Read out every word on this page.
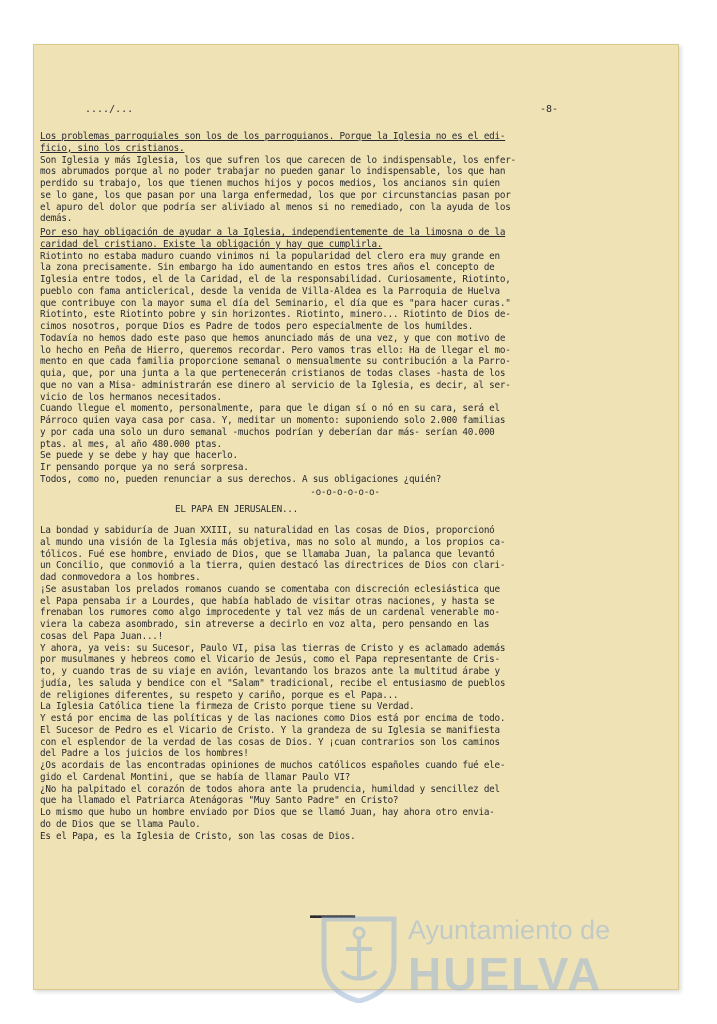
..../...	-8-
Los problemas parroquiales son los de los parroquianos. Porque la Iglesia no es el edi-
ficio, sino los cristianos.
Son Iglesia y más Iglesia, los que sufren los que carecen de lo indispensable, los enfer-
mos abrumados porque al no poder trabajar no pueden ganar lo indispensable, los que han
perdido su trabajo, los que tienen muchos hijos y pocos medios, los ancianos sin quien
se lo gane, los que pasan por una larga enfermedad, los que por circunstancias pasan por
el apuro del dolor que podría ser aliviado al menos si no remediado, con la ayuda de los
demás.
Por eso hay obligación de ayudar a la Iglesia, independientemente de la limosna o de la
caridad del cristiano. Existe la obligación y hay que cumplirla.
Riotinto no estaba maduro cuando vinimos ni la popularidad del clero era muy grande en
la zona precisamente. Sin embargo ha ido aumentando en estos tres años el concepto de
Iglesia entre todos, el de la Caridad, el de la responsabilidad. Curiosamente, Riotinto,
pueblo con fama anticlerical, desde la venida de Villa-Aldea es la Parroquia de Huelva
que contribuye con la mayor suma el día del Seminario, el día que es "para hacer curas."
Riotinto, este Riotinto pobre y sin horizontes. Riotinto, minero... Riotinto de Dios de-
cimos nosotros, porque Dios es Padre de todos pero especialmente de los humildes.
Todavía no hemos dado este paso que hemos anunciado más de una vez, y que con motivo de
lo hecho en Peña de Hierro, queremos recordar. Pero vamos tras ello: Ha de llegar el mo-
mento en que cada familia proporcione semanal o mensualmente su contribución a la Parro-
quia, que, por una junta a la que pertenecerán cristianos de todas clases -hasta de los
que no van a Misa- administrarán ese dinero al servicio de la Iglesia, es decir, al ser-
vicio de los hermanos necesitados.
Cuando llegue el momento, personalmente, para que le digan sí o nó en su cara, será el
Párroco quien vaya casa por casa. Y, meditar un momento: suponiendo solo 2.000 familias
y por cada una solo un duro semanal -muchos podrían y deberían dar más- serían 40.000
ptas. al mes, al año 480.000 ptas.
Se puede y se debe y hay que hacerlo.
Ir pensando porque ya no será sorpresa.
Todos, como no, pueden renunciar a sus derechos. A sus obligaciones ¿quién?
-o-o-o-o-o-o-
EL PAPA EN JERUSALEN...
La bondad y sabiduría de Juan XXIII, su naturalidad en las cosas de Dios, proporcionó
al mundo una visión de la Iglesia más objetiva, mas no solo al mundo, a los propios ca-
tólicos. Fué ese hombre, enviado de Dios, que se llamaba Juan, la palanca que levantó
un Concilio, que conmovió a la tierra, quien destacó las directrices de Dios con clari-
dad conmovedora a los hombres.
¡Se asustaban los prelados romanos cuando se comentaba con discreción eclesiástica que
el Papa pensaba ir a Lourdes, que había hablado de visitar otras naciones, y hasta se
frenaban los rumores como algo improcedente y tal vez más de un cardenal venerable mo-
viera la cabeza asombrado, sin atreverse a decirlo en voz alta, pero pensando en las
cosas del Papa Juan...!
Y ahora, ya veis: su Sucesor, Paulo VI, pisa las tierras de Cristo y es aclamado además
por musulmanes y hebreos como el Vicario de Jesús, como el Papa representante de Cris-
to, y cuando tras de su viaje en avión, levantando los brazos ante la multitud árabe y
judía, les saluda y bendice con el "Salam" tradicional, recibe el entusiasmo de pueblos
de religiones diferentes, su respeto y cariño, porque es el Papa...
La Iglesia Católica tiene la firmeza de Cristo porque tiene su Verdad.
Y está por encima de las políticas y de las naciones como Dios está por encima de todo.
El Sucesor de Pedro es el Vicario de Cristo. Y la grandeza de su Iglesia se manifiesta
con el esplendor de la verdad de las cosas de Dios. Y ¡cuan contrarios son los caminos
del Padre a los juicios de los hombres!
¿Os acordais de las encontradas opiniones de muchos católicos españoles cuando fué ele-
gido el Cardenal Montini, que se había de llamar Paulo VI?
¿No ha palpitado el corazón de todos ahora ante la prudencia, humildad y sencillez del
que ha llamado el Patriarca Atenágoras "Muy Santo Padre" en Cristo?
Lo mismo que hubo un hombre enviado por Dios que se llamó Juan, hay ahora otro envia-
do de Dios que se llama Paulo.
Es el Papa, es la Iglesia de Cristo, son las cosas de Dios.
▬▬▬▬▬▬▬▬▬▬ Ayuntamiento de
HUELVA
